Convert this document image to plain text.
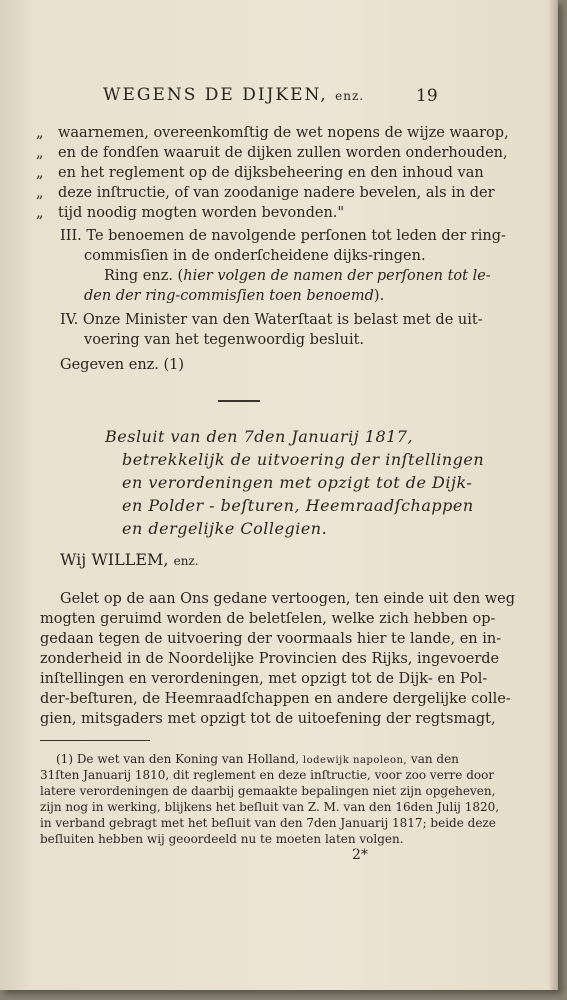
WEGENS DE DIJKEN, enz.	19
„ waarnemen, overeenkomſtig de wet nopens de wijze waarop,
„ en de fondſen waaruit de dijken zullen worden onderhouden,
„ en het reglement op de dijksbeheering en den inhoud van
„ deze inſtructie, of van zoodanige nadere bevelen, als in der
„ tijd noodig mogten worden bevonden."
III. Te benoemen de navolgende perſonen tot leden der ring-
commisſien in de onderſcheidene dijks-ringen.
Ring enz. (hier volgen de namen der perſonen tot le-
den der ring-commisſien toen benoemd).
IV. Onze Minister van den Waterſtaat is belast met de uit-
voering van het tegenwoordig besluit.
Gegeven enz. (1)
Besluit van den 7den Januarij 1817,
betrekkelijk de uitvoering der inſtellingen
en verordeningen met opzigt tot de Dijk-
en Polder - beſturen, Heemraadſchappen
en dergelijke Collegien.
Wij WILLEM, enz.
Gelet op de aan Ons gedane vertoogen, ten einde uit den weg
mogten geruimd worden de beletſelen, welke zich hebben op-
gedaan tegen de uitvoering der voormaals hier te lande, en in-
zonderheid in de Noordelijke Provincien des Rijks, ingevoerde
inſtellingen en verordeningen, met opzigt tot de Dijk- en Pol-
der-beſturen, de Heemraadſchappen en andere dergelijke colle-
gien, mitsgaders met opzigt tot de uitoefening der regtsmagt,
(1) De wet van den Koning van Holland, lodewijk napoleon, van den
31ſten Januarij 1810, dit reglement en deze inſtructie, voor zoo verre door
latere verordeningen de daarbij gemaakte bepalingen niet zijn opgeheven,
zijn nog in werking, blijkens het beſluit van Z. M. van den 16den Julij 1820,
in verband gebragt met het beſluit van den 7den Januarij 1817; beide deze
beſluiten hebben wij geoordeeld nu te moeten laten volgen.
2*
